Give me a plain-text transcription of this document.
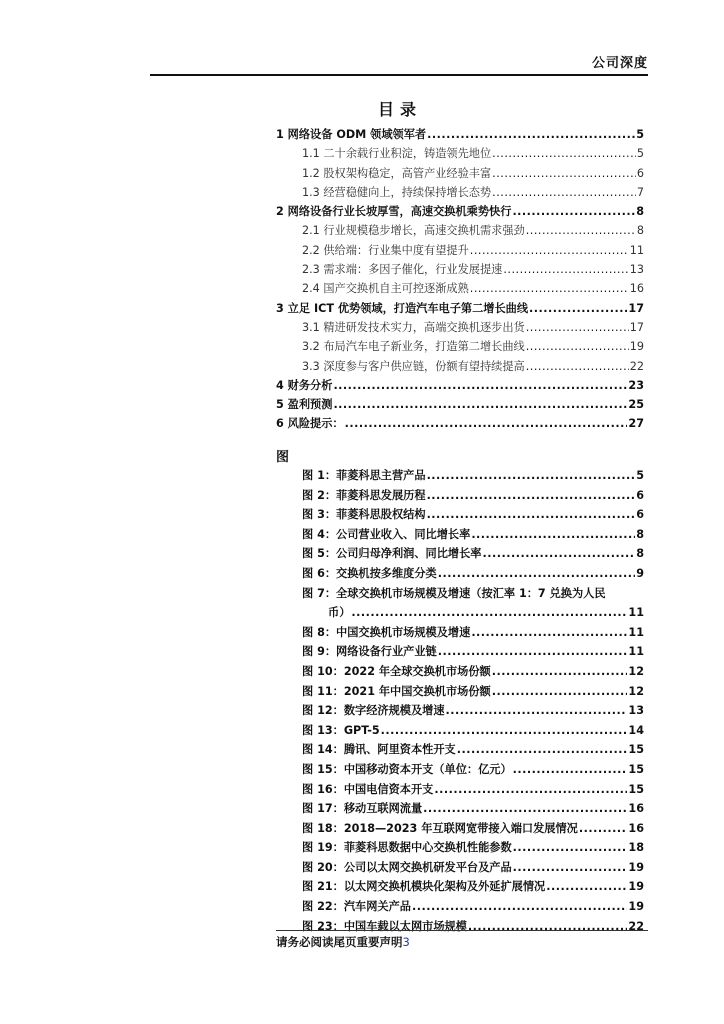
公司深度
目录
1 网络设备 ODM 领域领军者 .....	5
1.1 二十余载行业积淀，铸造领先地位 .....	5
1.2 股权架构稳定，高管产业经验丰富 .....	6
1.3 经营稳健向上，持续保持增长态势 .....	7
2 网络设备行业长坡厚雪，高速交换机乘势快行 .....	8
2.1 行业规模稳步增长，高速交换机需求强劲 .....	8
2.2 供给端：行业集中度有望提升 .....	11
2.3 需求端：多因子催化，行业发展提速 .....	13
2.4 国产交换机自主可控逐渐成熟 .....	16
3 立足 ICT 优势领域，打造汽车电子第二增长曲线 .....	17
3.1 精进研发技术实力，高端交换机逐步出货 .....	17
3.2 布局汽车电子新业务，打造第二增长曲线 .....	19
3.3 深度参与客户供应链，份额有望持续提高 .....	22
4 财务分析 .....	23
5 盈利预测 .....	25
6 风险提示： .....	27
图
图 1：菲菱科思主营产品 .....	5
图 2：菲菱科思发展历程 .....	6
图 3：菲菱科思股权结构 .....	6
图 4：公司营业收入、同比增长率 .....	8
图 5：公司归母净利润、同比增长率 .....	8
图 6：交换机按多维度分类 .....	9
图 7：全球交换机市场规模及增速（按汇率 1：7 兑换为人民
币） .....	11
图 8：中国交换机市场规模及增速 .....	11
图 9：网络设备行业产业链 .....	11
图 10：2022 年全球交换机市场份额 .....	12
图 11：2021 年中国交换机市场份额 .....	12
图 12：数字经济规模及增速 .....	13
图 13：GPT-5 .....	14
图 14：腾讯、阿里资本性开支 .....	15
图 15：中国移动资本开支（单位：亿元） .....	15
图 16：中国电信资本开支 .....	15
图 17：移动互联网流量 .....	16
图 18：2018—2023 年互联网宽带接入端口发展情况 .....	16
图 19：菲菱科思数据中心交换机性能参数 .....	18
图 20：公司以太网交换机研发平台及产品 .....	19
图 21：以太网交换机模块化架构及外延扩展情况 .....	19
图 22：汽车网关产品 .....	19
图 23：中国车载以太网市场规模 .....	22
请务必阅读尾页重要声明3
